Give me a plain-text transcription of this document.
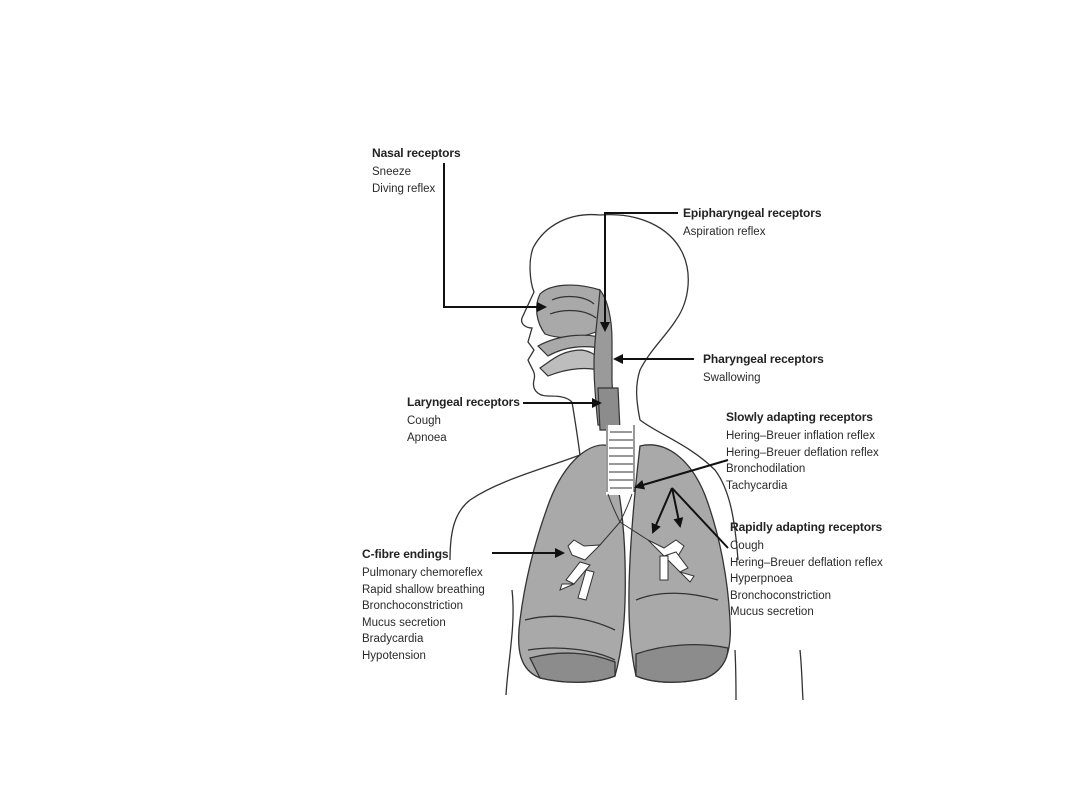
Nasal receptors
Sneeze
Diving reflex
Epipharyngeal receptors
Aspiration reflex
Pharyngeal receptors
Swallowing
Laryngeal receptors
Cough
Apnoea
Slowly adapting receptors
Hering–Breuer inflation reflex
Hering–Breuer deflation reflex
Bronchodilation
Tachycardia
Rapidly adapting receptors
Cough
Hering–Breuer deflation reflex
Hyperpnoea
Bronchoconstriction
Mucus secretion
C-fibre endings
Pulmonary chemoreflex
Rapid shallow breathing
Bronchoconstriction
Mucus secretion
Bradycardia
Hypotension
